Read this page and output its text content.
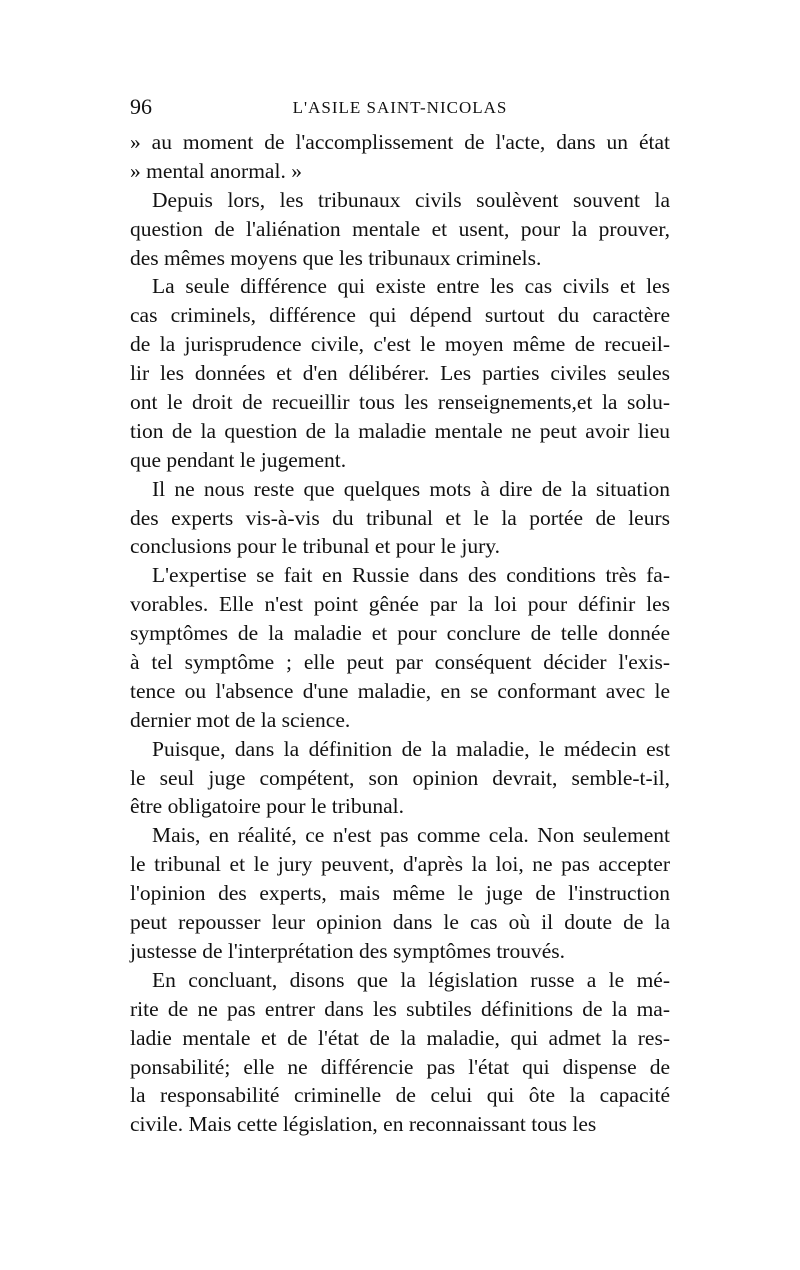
96	L'ASILE SAINT-NICOLAS
» au moment de l'accomplissement de l'acte, dans un état
» mental anormal. »
Depuis lors, les tribunaux civils soulèvent souvent la
question de l'aliénation mentale et usent, pour la prouver,
des mêmes moyens que les tribunaux criminels.
La seule différence qui existe entre les cas civils et les
cas criminels, différence qui dépend surtout du caractère
de la jurisprudence civile, c'est le moyen même de recueil-
lir les données et d'en délibérer. Les parties civiles seules
ont le droit de recueillir tous les renseignements,et la solu-
tion de la question de la maladie mentale ne peut avoir lieu
que pendant le jugement.
Il ne nous reste que quelques mots à dire de la situation
des experts vis-à-vis du tribunal et le la portée de leurs
conclusions pour le tribunal et pour le jury.
L'expertise se fait en Russie dans des conditions très fa-
vorables. Elle n'est point gênée par la loi pour définir les
symptômes de la maladie et pour conclure de telle donnée
à tel symptôme ; elle peut par conséquent décider l'exis-
tence ou l'absence d'une maladie, en se conformant avec le
dernier mot de la science.
Puisque, dans la définition de la maladie, le médecin est
le seul juge compétent, son opinion devrait, semble-t-il,
être obligatoire pour le tribunal.
Mais, en réalité, ce n'est pas comme cela. Non seulement
le tribunal et le jury peuvent, d'après la loi, ne pas accepter
l'opinion des experts, mais même le juge de l'instruction
peut repousser leur opinion dans le cas où il doute de la
justesse de l'interprétation des symptômes trouvés.
En concluant, disons que la législation russe a le mé-
rite de ne pas entrer dans les subtiles définitions de la ma-
ladie mentale et de l'état de la maladie, qui admet la res-
ponsabilité; elle ne différencie pas l'état qui dispense de
la responsabilité criminelle de celui qui ôte la capacité
civile. Mais cette législation, en reconnaissant tous les
